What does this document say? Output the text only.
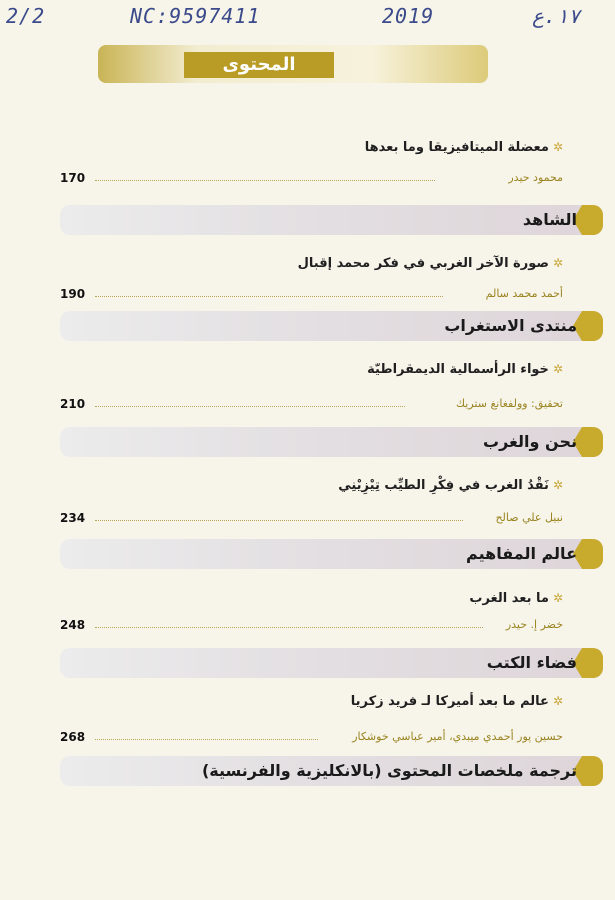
2/2	NC:9597411	2019	١٧.ع
المحتوى
✲معضلة الميتافيزيقا وما بعدها
170	محمود حيدر
الشاهد
✲صورة الآخر الغربي في فكر محمد إقبال
190	أحمد محمد سالم
منتدى الاستغراب
✲خواء الرأسمالية الديمقراطيّة
210	تحقيق: وولفغانغ ستريك
نحن والغرب
✲نَقْدُ الغرب في فِكْرِ الطيِّب تِيْزِيْنِي
234	نبيل علي صالح
عالم المفاهيم
✲ما بعد الغرب
248	خضر إ. حيدر
فضاء الكتب
✲عالم ما بعد أميركا لـ فريد زكريا
268	حسين پور أحمدي ميبدي، أمير عباسي خوشكار
ترجمة ملخصات المحتوى (بالانكليزية والفرنسية)
